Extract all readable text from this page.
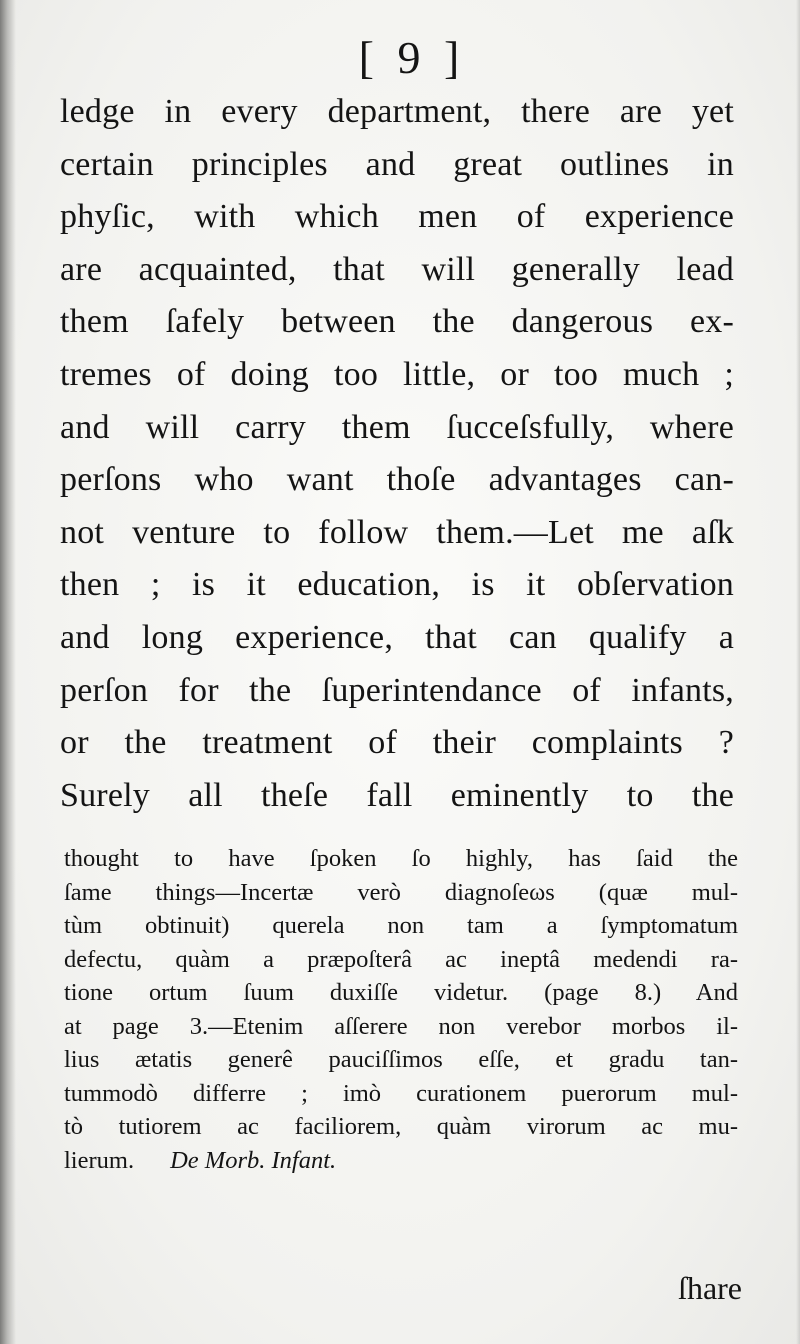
[ 9 ]
ledge in every department, there are yet
certain principles and great outlines in
phyſic, with which men of experience
are acquainted, that will generally lead
them ſafely between the dangerous ex-
tremes of doing too little, or too much ;
and will carry them ſucceſsfully, where
perſons who want thoſe advantages can-
not venture to follow them.—Let me aſk
then ; is it education, is it obſervation
and long experience, that can qualify a
perſon for the ſuperintendance of infants,
or the treatment of their complaints ?
Surely all theſe fall eminently to the
thought to have ſpoken ſo highly, has ſaid the
ſame things—Incertæ verò diagnoſeωs (quæ mul-
tùm obtinuit) querela non tam a ſymptomatum
defectu, quàm a præpoſterâ ac ineptâ medendi ra-
tione ortum ſuum duxiſſe videtur. (page 8.) And
at page 3.—Etenim aſſerere non verebor morbos il-
lius ætatis generê pauciſſimos eſſe, et gradu tan-
tummodò differre ; imò curationem puerorum mul-
tò tutiorem ac faciliorem, quàm virorum ac mu-
lierum. De Morb. Infant.
ſhare
